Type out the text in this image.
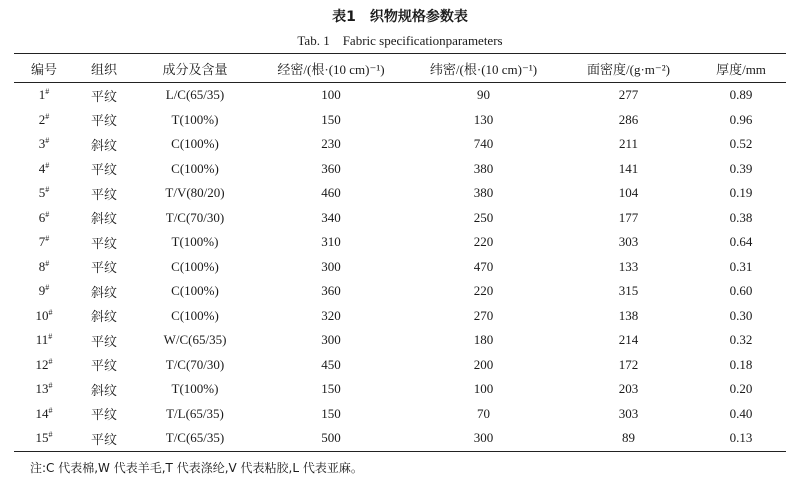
表1　织物规格参数表
Tab. 1　Fabric specificationparameters
编号	组织	成分及含量	经密/(根·(10 cm)⁻¹)	纬密/(根·(10 cm)⁻¹)	面密度/(g·m⁻²)	厚度/mm
1#	平纹	L/C(65/35)	100	90	277	0.89
2#	平纹	T(100%)	150	130	286	0.96
3#	斜纹	C(100%)	230	740	211	0.52
4#	平纹	C(100%)	360	380	141	0.39
5#	平纹	T/V(80/20)	460	380	104	0.19
6#	斜纹	T/C(70/30)	340	250	177	0.38
7#	平纹	T(100%)	310	220	303	0.64
8#	平纹	C(100%)	300	470	133	0.31
9#	斜纹	C(100%)	360	220	315	0.60
10#	斜纹	C(100%)	320	270	138	0.30
11#	平纹	W/C(65/35)	300	180	214	0.32
12#	平纹	T/C(70/30)	450	200	172	0.18
13#	斜纹	T(100%)	150	100	203	0.20
14#	平纹	T/L(65/35)	150	70	303	0.40
15#	平纹	T/C(65/35)	500	300	89	0.13
注:C 代表棉,W 代表羊毛,T 代表涤纶,V 代表粘胶,L 代表亚麻。
